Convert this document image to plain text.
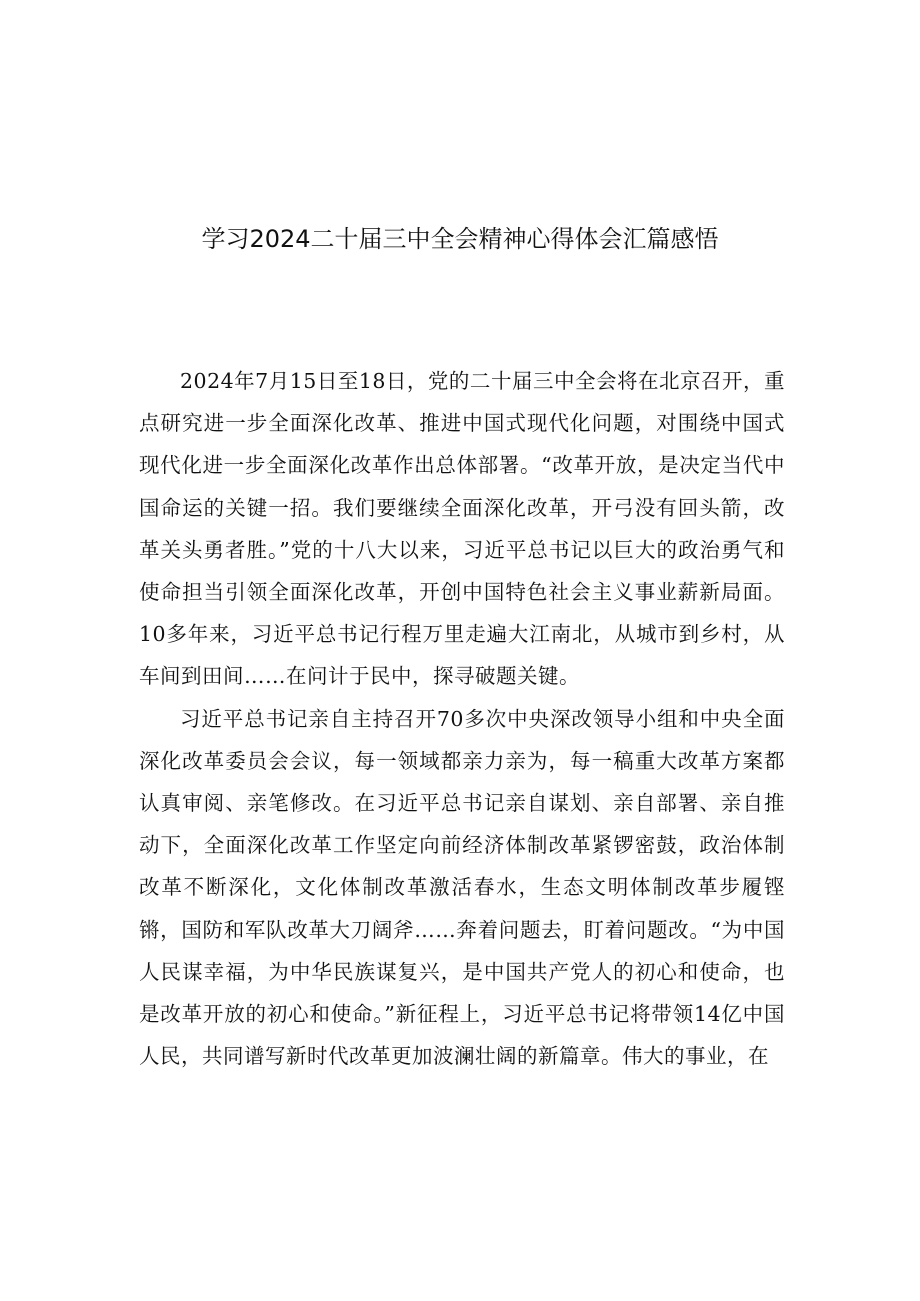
学习2024二十届三中全会精神心得体会汇篇感悟

2024年7月15日至18日，党的二十届三中全会将在北京召开，重点研究进一步全面深化改革、推进中国式现代化问题，对围绕中国式现代化进一步全面深化改革作出总体部署。“改革开放，是决定当代中国命运的关键一招。我们要继续全面深化改革，开弓没有回头箭，改革关头勇者胜。”党的十八大以来，习近平总书记以巨大的政治勇气和使命担当引领全面深化改革，开创中国特色社会主义事业薪新局面。10多年来，习近平总书记行程万里走遍大江南北，从城市到乡村，从车间到田间……在问计于民中，探寻破题关键。

习近平总书记亲自主持召开70多次中央深改领导小组和中央全面深化改革委员会会议，每一领域都亲力亲为，每一稿重大改革方案都认真审阅、亲笔修改。在习近平总书记亲自谋划、亲自部署、亲自推动下，全面深化改革工作坚定向前经济体制改革紧锣密鼓，政治体制改革不断深化，文化体制改革激活春水，生态文明体制改革步履铿锵，国防和军队改革大刀阔斧……奔着问题去，盯着问题改。“为中国人民谋幸福，为中华民族谋复兴，是中国共产党人的初心和使命，也是改革开放的初心和使命。”新征程上，习近平总书记将带领14亿中国人民，共同谱写新时代改革更加波澜壮阔的新篇章。伟大的事业，在
